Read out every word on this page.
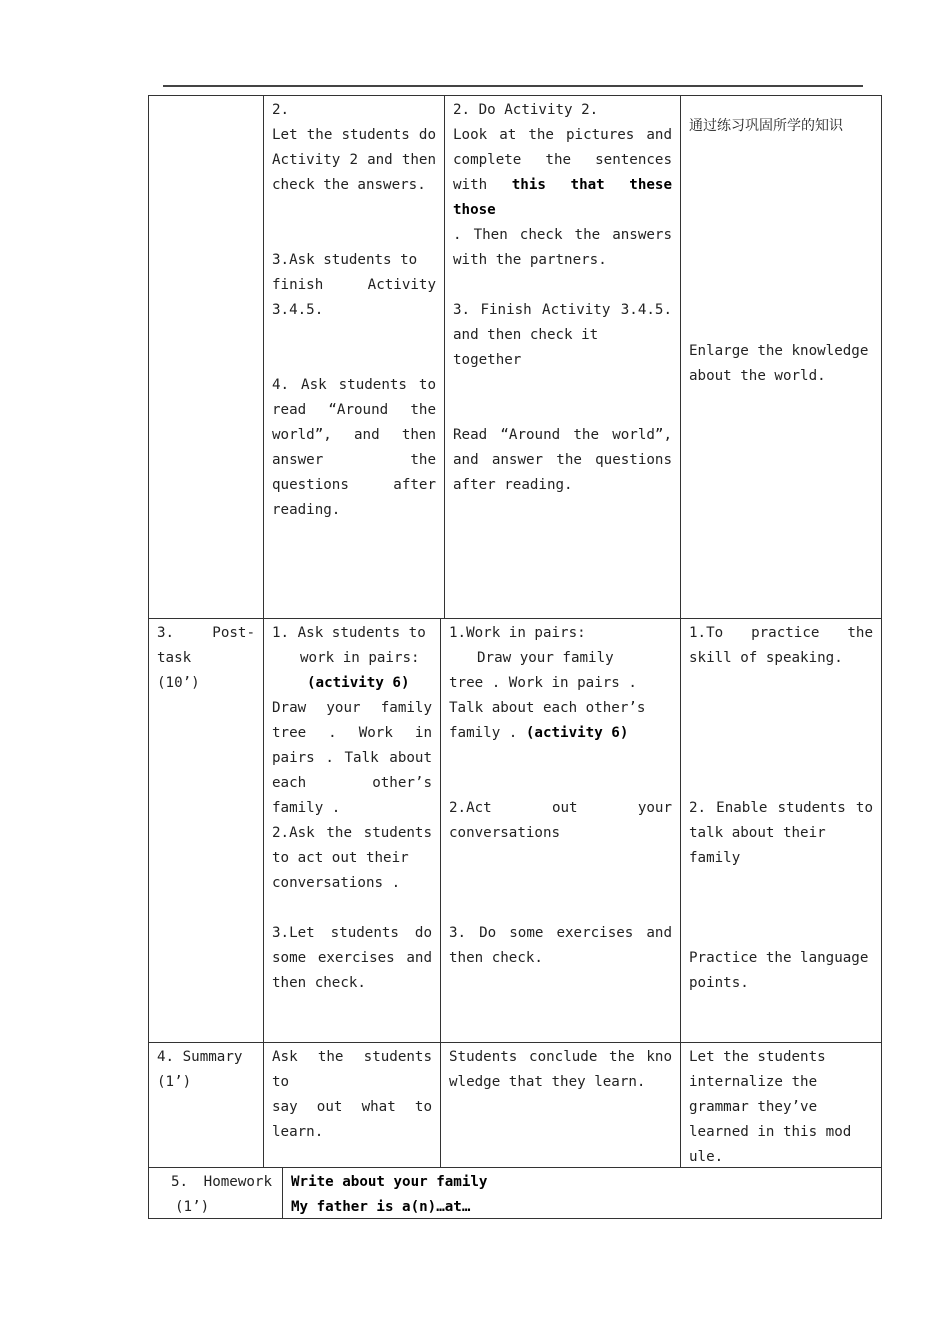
2.

Let the students do

Activity 2 and then

check the answers.

3.Ask students to

finish Activity

3.4.5.

4. Ask students to

read “Around the

world”, and then

answer the

questions after

reading.

2. Do Activity 2.

Look at the pictures and

complete the sentences

with this that these those

. Then check the answers

with the partners.

3. Finish Activity 3.4.5.

and then check it together

Read “Around the world”,

and answer the questions

after reading.

通过练习巩固所学的知识

Enlarge the knowledge about the world.

3. Post-

task

(10’)

1. Ask students to

work in pairs:

(activity 6)

Draw your family

tree . Work in

pairs . Talk about

each other’s

family .

2.Ask the students

to act out their

conversations .

3.Let students do

some exercises and

then check.

1.Work in pairs:

Draw your family

tree . Work in pairs .

Talk about each other’s

family . (activity 6)

2.Act out your

conversations

3. Do some exercises and

then check.

1.To practice the

skill of speaking.

2. Enable students to

talk about their

family

Practice the language

points.

4. Summary

(1’)

Ask the students to

say out what to

learn.

Students conclude the kno

wledge that they learn.

Let the students

internalize the

grammar they’ve

learned in this mod

ule.

5. Homework

(1’)

Write about your family

My father is a(n)…at…
